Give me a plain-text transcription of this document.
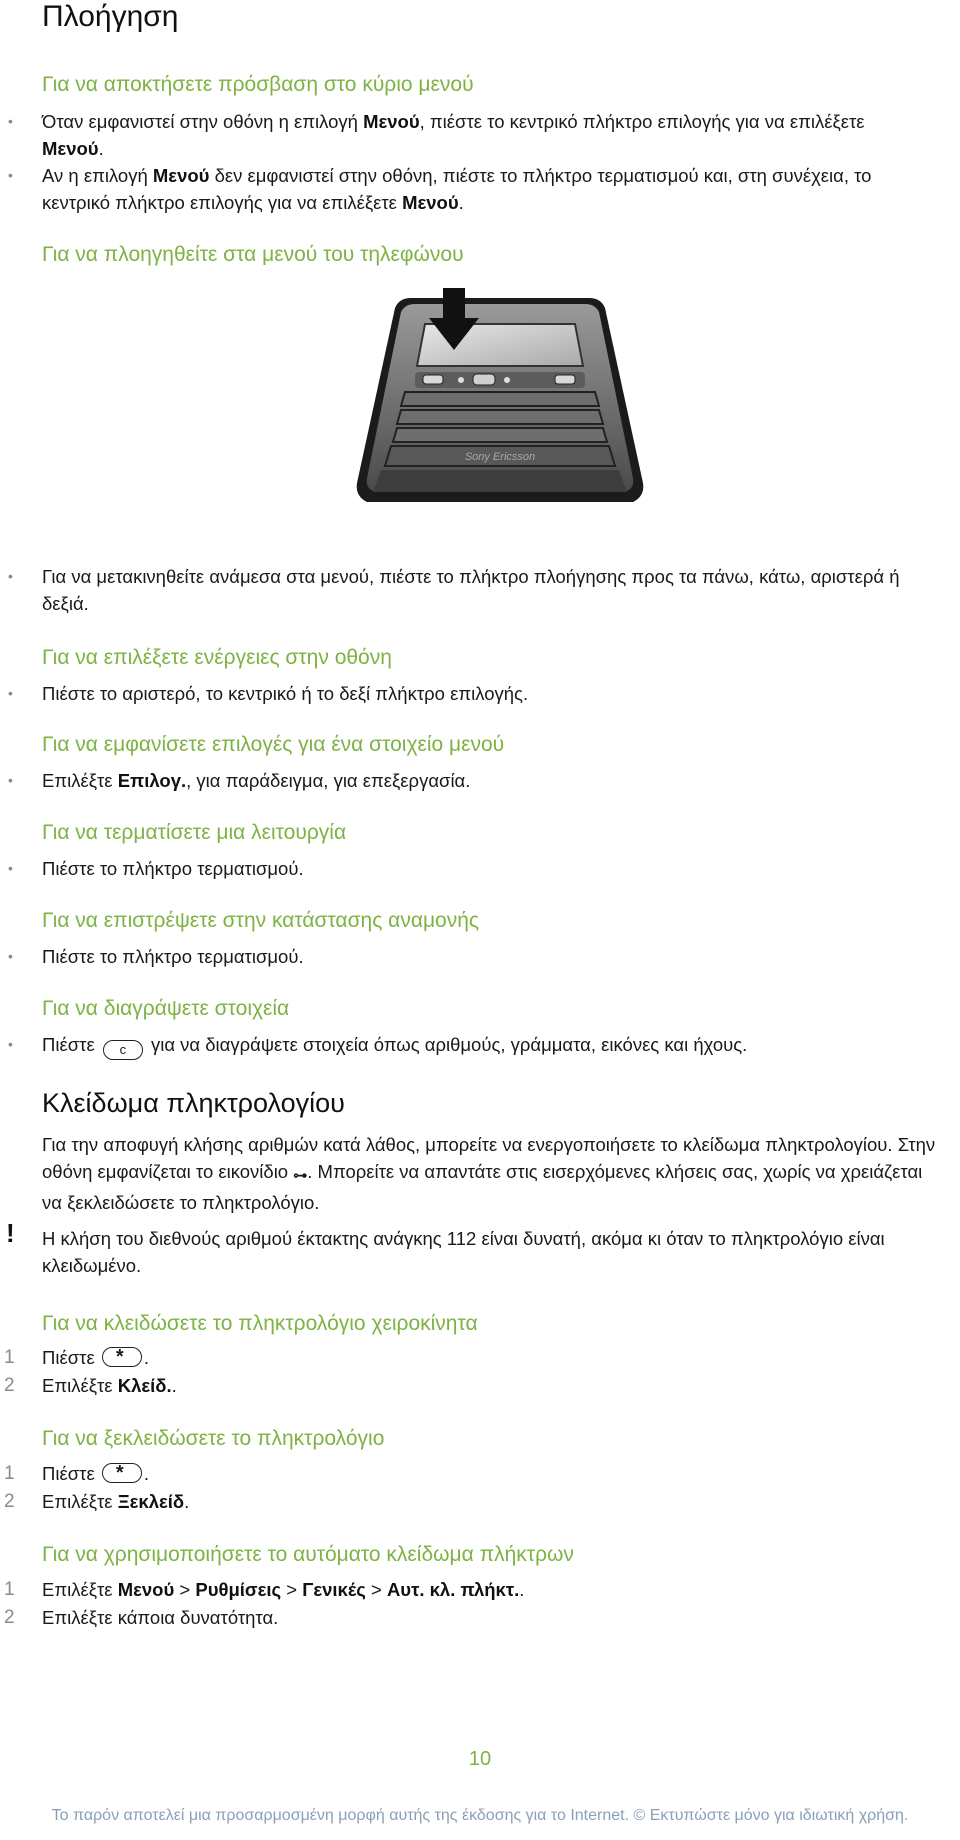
Πλοήγηση
Για να αποκτήσετε πρόσβαση στο κύριο μενού
• Όταν εμφανιστεί στην οθόνη η επιλογή Μενού, πιέστε το κεντρικό πλήκτρο επιλογής για να επιλέξετε Μενού.
• Αν η επιλογή Μενού δεν εμφανιστεί στην οθόνη, πιέστε το πλήκτρο τερματισμού και, στη συνέχεια, το κεντρικό πλήκτρο επιλογής για να επιλέξετε Μενού.
Για να πλοηγηθείτε στα μενού του τηλεφώνου
Sony Ericsson
• Για να μετακινηθείτε ανάμεσα στα μενού, πιέστε το πλήκτρο πλοήγησης προς τα πάνω, κάτω, αριστερά ή δεξιά.
Για να επιλέξετε ενέργειες στην οθόνη
• Πιέστε το αριστερό, το κεντρικό ή το δεξί πλήκτρο επιλογής.
Για να εμφανίσετε επιλογές για ένα στοιχείο μενού
• Επιλέξτε Επιλογ., για παράδειγμα, για επεξεργασία.
Για να τερματίσετε μια λειτουργία
• Πιέστε το πλήκτρο τερματισμού.
Για να επιστρέψετε στην κατάστασης αναμονής
• Πιέστε το πλήκτρο τερματισμού.
Για να διαγράψετε στοιχεία
• Πιέστε c για να διαγράψετε στοιχεία όπως αριθμούς, γράμματα, εικόνες και ήχους.
Κλείδωμα πληκτρολογίου
Για την αποφυγή κλήσης αριθμών κατά λάθος, μπορείτε να ενεργοποιήσετε το κλείδωμα πληκτρολογίου. Στην οθόνη εμφανίζεται το εικονίδιο ⊶. Μπορείτε να απαντάτε στις εισερχόμενες κλήσεις σας, χωρίς να χρειάζεται να ξεκλειδώσετε το πληκτρολόγιο.
! Η κλήση του διεθνούς αριθμού έκτακτης ανάγκης 112 είναι δυνατή, ακόμα κι όταν το πληκτρολόγιο είναι κλειδωμένο.
Για να κλειδώσετε το πληκτρολόγιο χειροκίνητα
1 Πιέστε * .
2 Επιλέξτε Κλείδ..
Για να ξεκλειδώσετε το πληκτρολόγιο
1 Πιέστε * .
2 Επιλέξτε Ξεκλείδ.
Για να χρησιμοποιήσετε το αυτόματο κλείδωμα πλήκτρων
1 Επιλέξτε Μενού > Ρυθμίσεις > Γενικές > Αυτ. κλ. πλήκτ..
2 Επιλέξτε κάποια δυνατότητα.
10
Το παρόν αποτελεί μια προσαρμοσμένη μορφή αυτής της έκδοσης για το Internet. © Εκτυπώστε μόνο για ιδιωτική χρήση.
